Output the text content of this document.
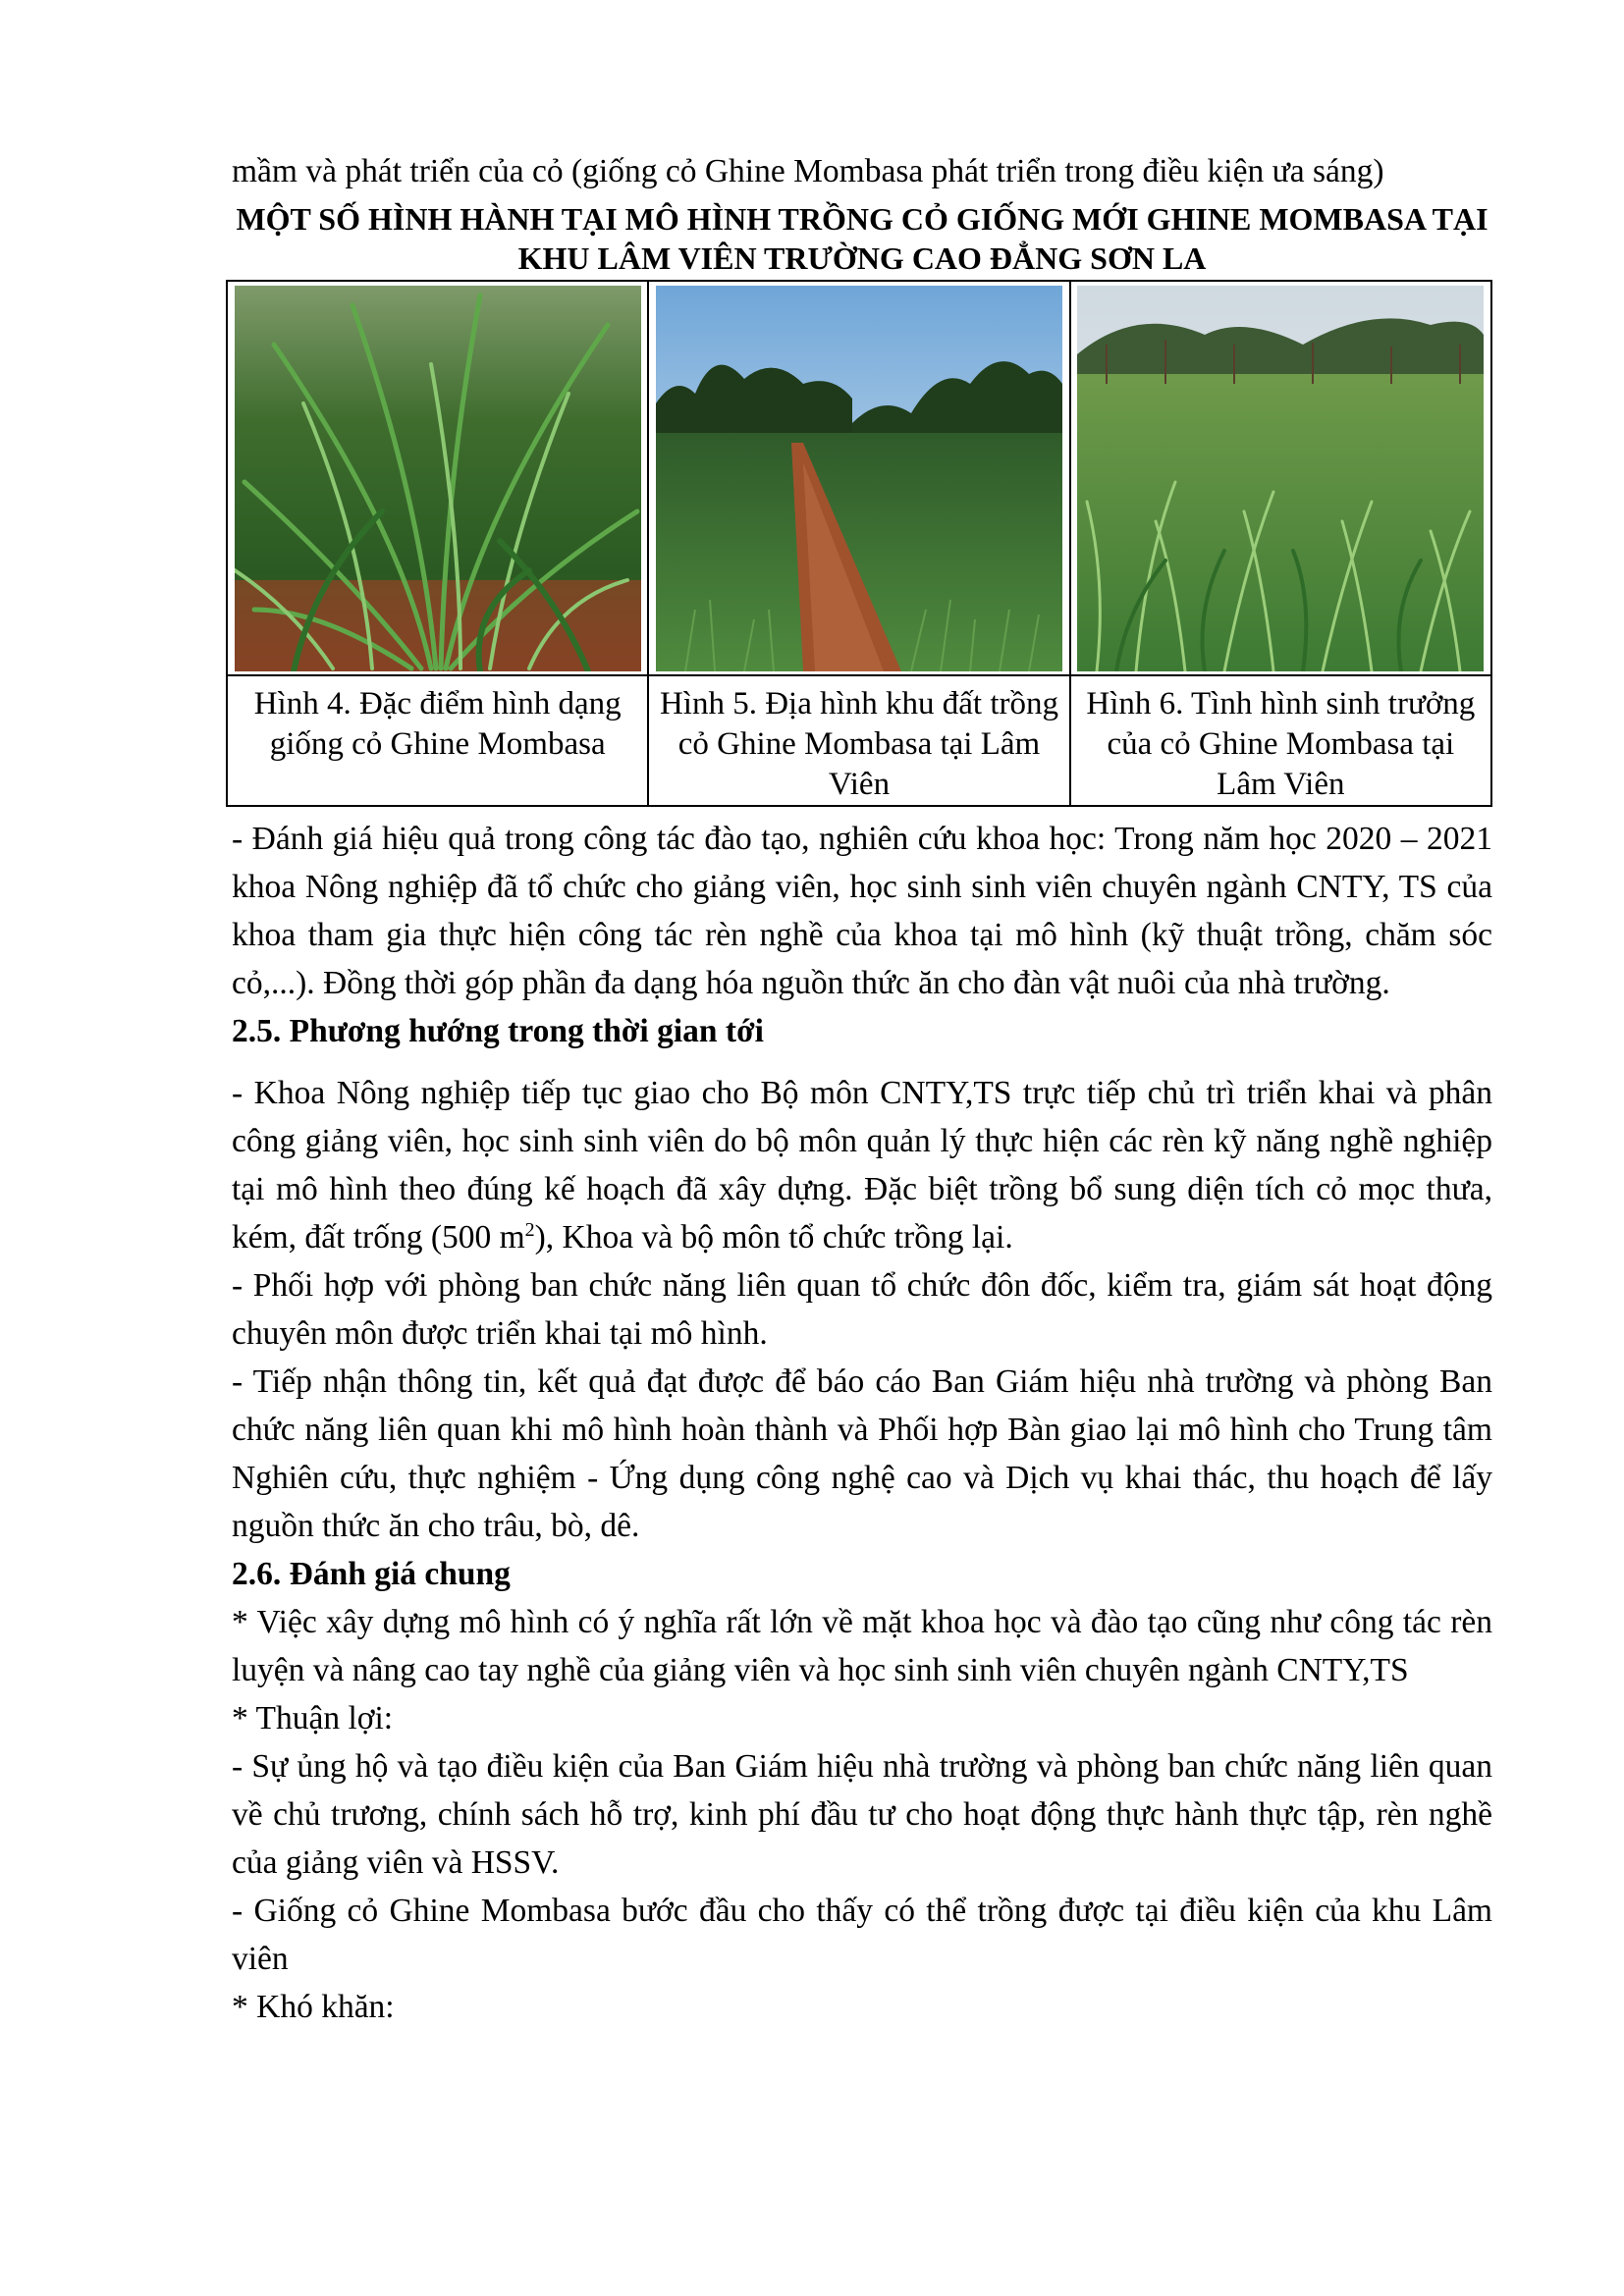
mầm và phát triển của cỏ (giống cỏ Ghine Mombasa phát triển trong điều kiện ưa sáng)

MỘT SỐ HÌNH HÀNH TẠI MÔ HÌNH TRỒNG CỎ GIỐNG MỚI GHINE MOMBASA TẠI KHU LÂM VIÊN TRƯỜNG CAO ĐẲNG SƠN LA

Hình 4. Đặc điểm hình dạng giống cỏ Ghine Mombasa	Hình 5. Địa hình khu đất trồng cỏ Ghine Mombasa tại Lâm Viên	Hình 6. Tình hình sinh trưởng của cỏ Ghine Mombasa tại Lâm Viên

- Đánh giá hiệu quả trong công tác đào tạo, nghiên cứu khoa học: Trong năm học 2020 – 2021 khoa Nông nghiệp đã tổ chức cho giảng viên, học sinh sinh viên chuyên ngành CNTY, TS của khoa tham gia thực hiện công tác rèn nghề của khoa tại mô hình (kỹ thuật trồng, chăm sóc cỏ,...). Đồng thời góp phần đa dạng hóa nguồn thức ăn cho đàn vật nuôi của nhà trường.

2.5. Phương hướng trong thời gian tới

- Khoa Nông nghiệp tiếp tục giao cho Bộ môn CNTY,TS trực tiếp chủ trì triển khai và phân công giảng viên, học sinh sinh viên do bộ môn quản lý thực hiện các rèn kỹ năng nghề nghiệp tại mô hình theo đúng kế hoạch đã xây dựng. Đặc biệt trồng bổ sung diện tích cỏ mọc thưa, kém, đất trống (500 $m^2$), Khoa và bộ môn tổ chức trồng lại.

- Phối hợp với phòng ban chức năng liên quan tổ chức đôn đốc, kiểm tra, giám sát hoạt động chuyên môn được triển khai tại mô hình.

- Tiếp nhận thông tin, kết quả đạt được để báo cáo Ban Giám hiệu nhà trường và phòng Ban chức năng liên quan khi mô hình hoàn thành và Phối hợp Bàn giao lại mô hình cho Trung tâm Nghiên cứu, thực nghiệm - Ứng dụng công nghệ cao và Dịch vụ khai thác, thu hoạch để lấy nguồn thức ăn cho trâu, bò, dê.

2.6. Đánh giá chung

* Việc xây dựng mô hình có ý nghĩa rất lớn về mặt khoa học và đào tạo cũng như công tác rèn luyện và nâng cao tay nghề của giảng viên và học sinh sinh viên chuyên ngành CNTY,TS

* Thuận lợi:

- Sự ủng hộ và tạo điều kiện của Ban Giám hiệu nhà trường và phòng ban chức năng liên quan về chủ trương, chính sách hỗ trợ, kinh phí đầu tư cho hoạt động thực hành thực tập, rèn nghề của giảng viên và HSSV.

- Giống cỏ Ghine Mombasa bước đầu cho thấy có thể trồng được tại điều kiện của khu Lâm viên

* Khó khăn:
